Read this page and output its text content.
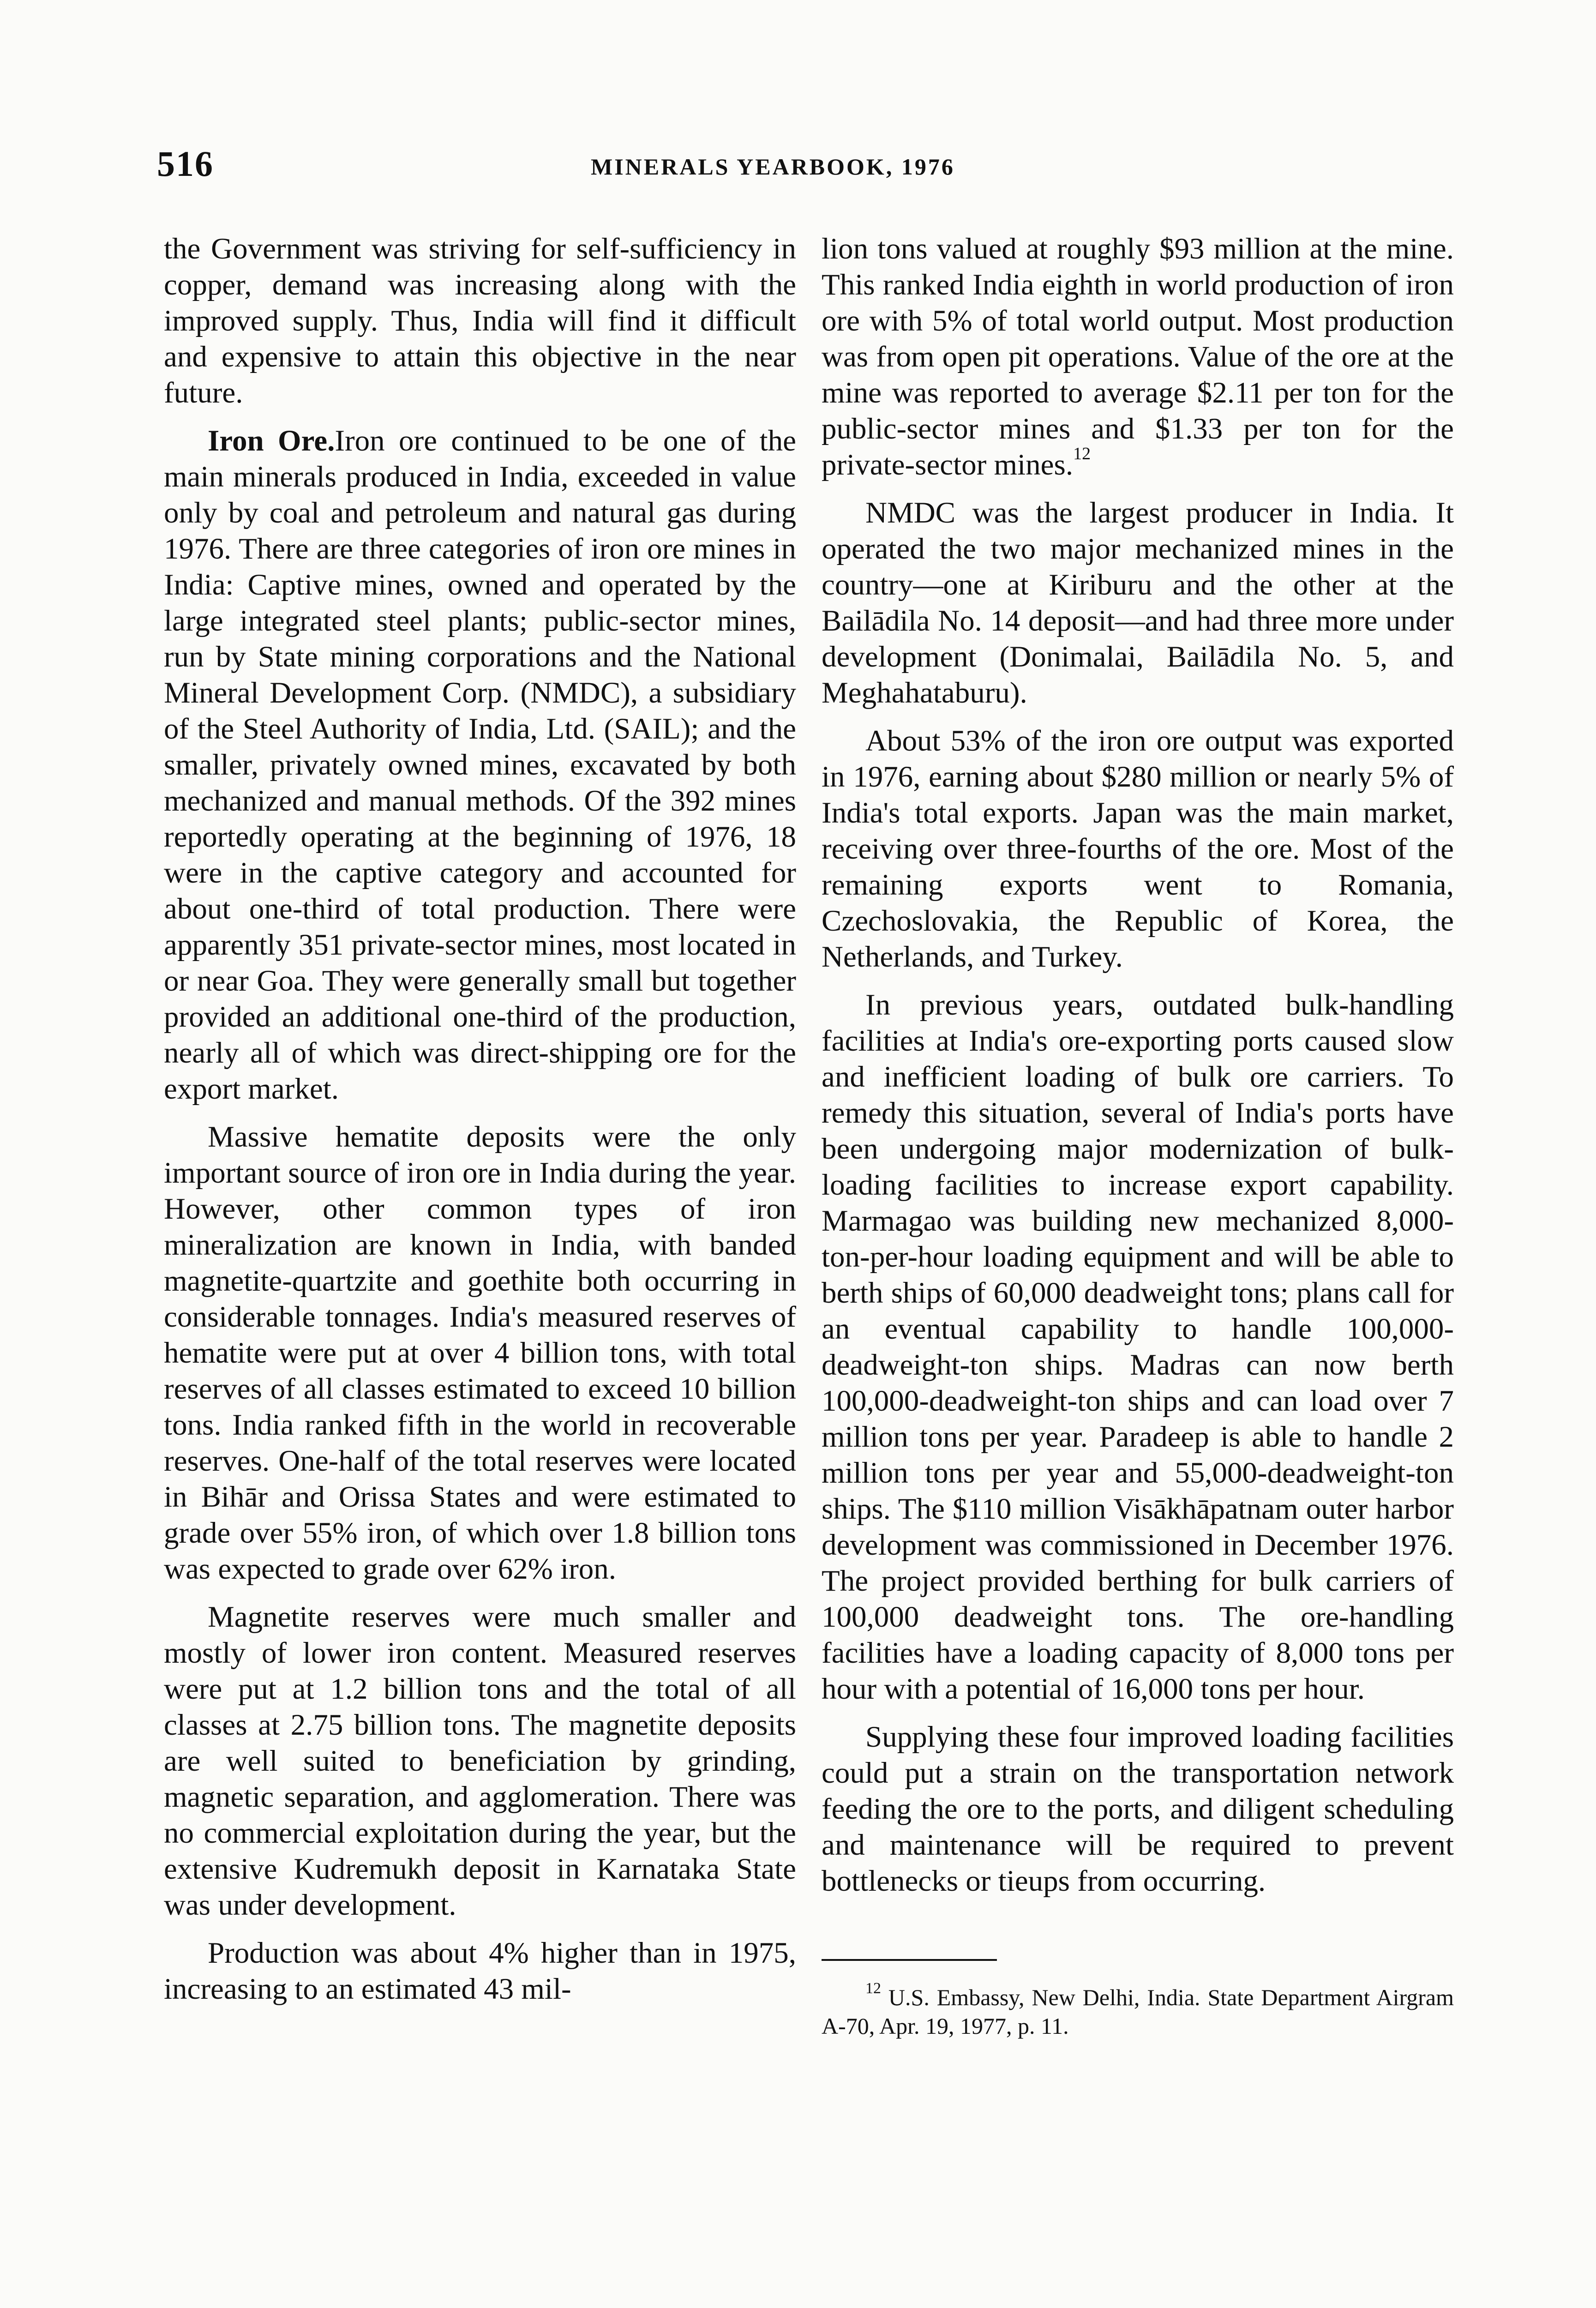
516	MINERALS YEARBOOK, 1976

the Government was striving for self-sufficiency in copper, demand was increasing along with the improved supply. Thus, India will find it difficult and expensive to attain this objective in the near future.

Iron Ore.Iron ore continued to be one of the main minerals produced in India, exceeded in value only by coal and petroleum and natural gas during 1976. There are three categories of iron ore mines in India: Captive mines, owned and operated by the large integrated steel plants; public-sector mines, run by State mining corporations and the National Mineral Development Corp. (NMDC), a subsidiary of the Steel Authority of India, Ltd. (SAIL); and the smaller, privately owned mines, excavated by both mechanized and manual methods. Of the 392 mines reportedly operating at the beginning of 1976, 18 were in the captive category and accounted for about one-third of total production. There were apparently 351 private-sector mines, most located in or near Goa. They were generally small but together provided an additional one-third of the production, nearly all of which was direct-shipping ore for the export market.

Massive hematite deposits were the only important source of iron ore in India during the year. However, other common types of iron mineralization are known in India, with banded magnetite-quartzite and goethite both occurring in considerable tonnages. India's measured reserves of hematite were put at over 4 billion tons, with total reserves of all classes estimated to exceed 10 billion tons. India ranked fifth in the world in recoverable reserves. One-half of the total reserves were located in Bihār and Orissa States and were estimated to grade over 55% iron, of which over 1.8 billion tons was expected to grade over 62% iron.

Magnetite reserves were much smaller and mostly of lower iron content. Measured reserves were put at 1.2 billion tons and the total of all classes at 2.75 billion tons. The magnetite deposits are well suited to beneficiation by grinding, magnetic separation, and agglomeration. There was no commercial exploitation during the year, but the extensive Kudremukh deposit in Karnataka State was under development.

Production was about 4% higher than in 1975, increasing to an estimated 43 mil-

lion tons valued at roughly $93 million at the mine. This ranked India eighth in world production of iron ore with 5% of total world output. Most production was from open pit operations. Value of the ore at the mine was reported to average $2.11 per ton for the public-sector mines and $1.33 per ton for the private-sector mines.$^{12}$

NMDC was the largest producer in India. It operated the two major mechanized mines in the country—one at Kiriburu and the other at the Bailādila No. 14 deposit—and had three more under development (Donimalai, Bailādila No. 5, and Meghahataburu).

About 53% of the iron ore output was exported in 1976, earning about $280 million or nearly 5% of India's total exports. Japan was the main market, receiving over three-fourths of the ore. Most of the remaining exports went to Romania, Czechoslovakia, the Republic of Korea, the Netherlands, and Turkey.

In previous years, outdated bulk-handling facilities at India's ore-exporting ports caused slow and inefficient loading of bulk ore carriers. To remedy this situation, several of India's ports have been undergoing major modernization of bulk-loading facilities to increase export capability. Marmagao was building new mechanized 8,000-ton-per-hour loading equipment and will be able to berth ships of 60,000 deadweight tons; plans call for an eventual capability to handle 100,000-deadweight-ton ships. Madras can now berth 100,000-deadweight-ton ships and can load over 7 million tons per year. Paradeep is able to handle 2 million tons per year and 55,000-deadweight-ton ships. The $110 million Visākhāpatnam outer harbor development was commissioned in December 1976. The project provided berthing for bulk carriers of 100,000 deadweight tons. The ore-handling facilities have a loading capacity of 8,000 tons per hour with a potential of 16,000 tons per hour.

Supplying these four improved loading facilities could put a strain on the transportation network feeding the ore to the ports, and diligent scheduling and maintenance will be required to prevent bottlenecks or tieups from occurring.

$^{12}$ U.S. Embassy, New Delhi, India. State Department Airgram A-70, Apr. 19, 1977, p. 11.
